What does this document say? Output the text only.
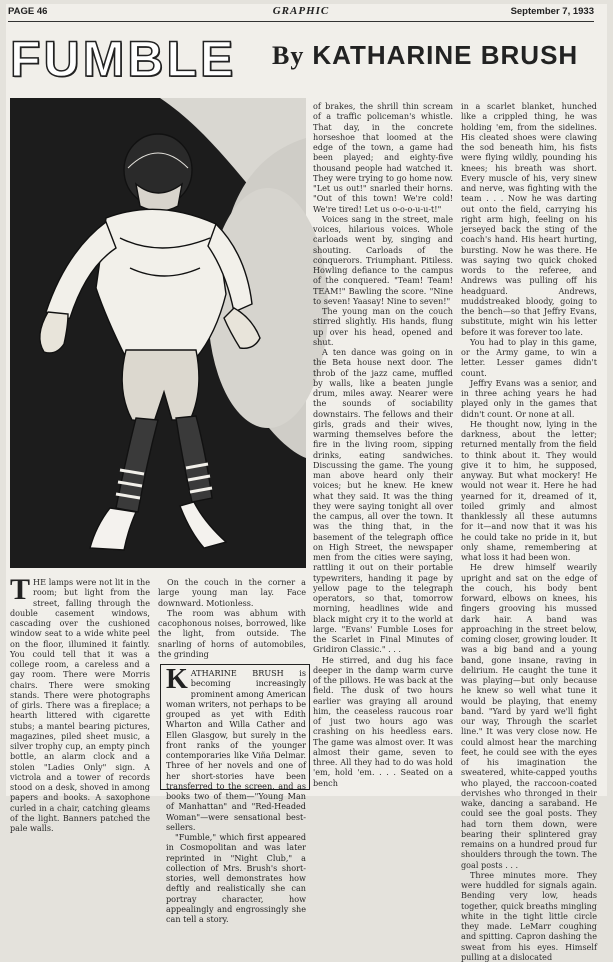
PAGE 46	GRAPHIC	September 7, 1933
FUMBLE By KATHARINE BRUSH

THE lamps were not lit in the room; but light from the street, falling through the double casement windows, cascading over the cushioned window seat to a wide white peel on the floor, illumined it faintly. You could tell that it was a college room, a careless and a gay room. There were Morris chairs. There were smoking stands. There were photographs of girls. There was a fireplace; a hearth littered with cigarette stubs; a mantel bearing pictures, magazines, piled sheet music, a silver trophy cup, an empty pinch bottle, an alarm clock and a stolen "Ladies Only" sign. A victrola and a tower of records stood on a desk, shoved in among papers and books. A saxophone curled in a chair, catching gleams of the light. Banners patched the pale walls.

On the couch in the corner a large young man lay. Face downward. Motionless.

The room was abhum with cacophonous noises, borrowed, like the light, from outside. The snarling of horns of automobiles, the grinding

KATHARINE BRUSH is becoming increasingly prominent among American woman writers, not perhaps to be grouped as yet with Edith Wharton and Willa Cather and Ellen Glasgow, but surely in the front ranks of the younger contemporaries like Viña Delmar. Three of her novels and one of her short-stories have been transferred to the screen, and as books two of them—"Young Man of Manhattan" and "Red-Headed Woman"—were sensational best-sellers.

"Fumble," which first appeared in Cosmopolitan and was later reprinted in "Night Club," a collection of Mrs. Brush's short-stories, well demonstrates how deftly and realistically she can portray character, how appealingly and engrossingly she can tell a story.

of brakes, the shrill thin scream of a traffic policeman's whistle. That day, in the concrete horseshoe that loomed at the edge of the town, a game had been played; and eighty-five thousand people had watched it. They were trying to go home now. "Let us out!" snarled their horns. "Out of this town! We're cold! We're tired! Let us o-o-o-u-u-t!"

Voices sang in the street, male voices, hilarious voices. Whole carloads went by, singing and shouting. Carloads of the conquerors. Triumphant. Pitiless. Howling defiance to the campus of the conquered. "Team! Team! TEAM!" Bawling the score. "Nine to seven! Yaasay! Nine to seven!"

The young man on the couch stirred slightly. His hands, flung up over his head, opened and shut.

A ten dance was going on in the Beta house next door. The throb of the jazz came, muffled by walls, like a beaten jungle drum, miles away. Nearer were the sounds of sociability downstairs. The fellows and their girls, grads and their wives, warming themselves before the fire in the living room, sipping drinks, eating sandwiches. Discussing the game. The young man above heard only their voices; but he knew. He knew what they said. It was the thing they were saying tonight all over the campus, all over the town. It was the thing that, in the basement of the telegraph office on High Street, the newspaper men from the cities were saying, rattling it out on their portable typewriters, handing it page by yellow page to the telegraph operators, so that, tomorrow morning, headlines wide and black might cry it to the world at large. "Evans' Fumble Loses for the Scarlet in Final Minutes of Gridiron Classic." . . .

He stirred, and dug his face deeper in the damp warm curve of the pillows. He was back at the field. The dusk of two hours earlier was graying all around him, the ceaseless raucous roar of just two hours ago was crashing on his heedless ears. The game was almost over. It was almost their game, seven to three. All they had to do was hold 'em, hold 'em. . . . Seated on a bench

in a scarlet blanket, hunched like a crippled thing, he was holding 'em, from the sidelines. His cleated shoes were clawing the sod beneath him, his fists were flying wildly, pounding his knees; his breath was short. Every muscle of his, very sinew and nerve, was fighting with the team . . . Now he was darting out onto the field, carrying his right arm high, feeling on his jerseyed back the sting of the coach's hand. His heart hurting, bursting. Now he was there. He was saying two quick choked words to the referee, and Andrews was pulling off his headguard. Andrews, muddstreaked bloody, going to the bench—so that Jeffry Evans, substitute, might win his letter before it was forever too late.

You had to play in this game, or the Army game, to win a letter. Lesser games didn't count.

Jeffry Evans was a senior, and in three aching years he had played only in the games that didn't count. Or none at all.

He thought now, lying in the darkness, about the letter; returned mentally from the field to think about it. They would give it to him, he supposed, anyway. But what mockery! He would not wear it. Here he had yearned for it, dreamed of it, toiled grimly and almost thanklessly all these autumns for it—and now that it was his he could take no pride in it, but only shame, remembering at what loss it had been won.

He drew himself wearily upright and sat on the edge of the couch, his body bent forward, elbows on knees, his fingers grooving his mussed dark hair. A band was approaching in the street below, coming closer, growing louder. It was a big band and a young band, gone insane, raving in delirium. He caught the tune it was playing—but only because he knew so well what tune it would be playing, that enemy band. "Yard by yard we'll fight our way, Through the scarlet line." It was very close now. He could almost hear the marching feet, he could see with the eyes of his imagination the sweatered, white-capped youths who played, the raccoon-coated dervishes who thronged in their wake, dancing a saraband. He could see the goal posts. They had torn them down, were bearing their splintered gray remains on a hundred proud fur shoulders through the town. The goal posts . . .

Three minutes more. They were huddled for signals again. Bending very low, heads together, quick breaths mingling white in the tight little circle they made. LeMarr coughing and spitting. Capron dashing the sweat from his eyes. Himself pulling at a dislocated
